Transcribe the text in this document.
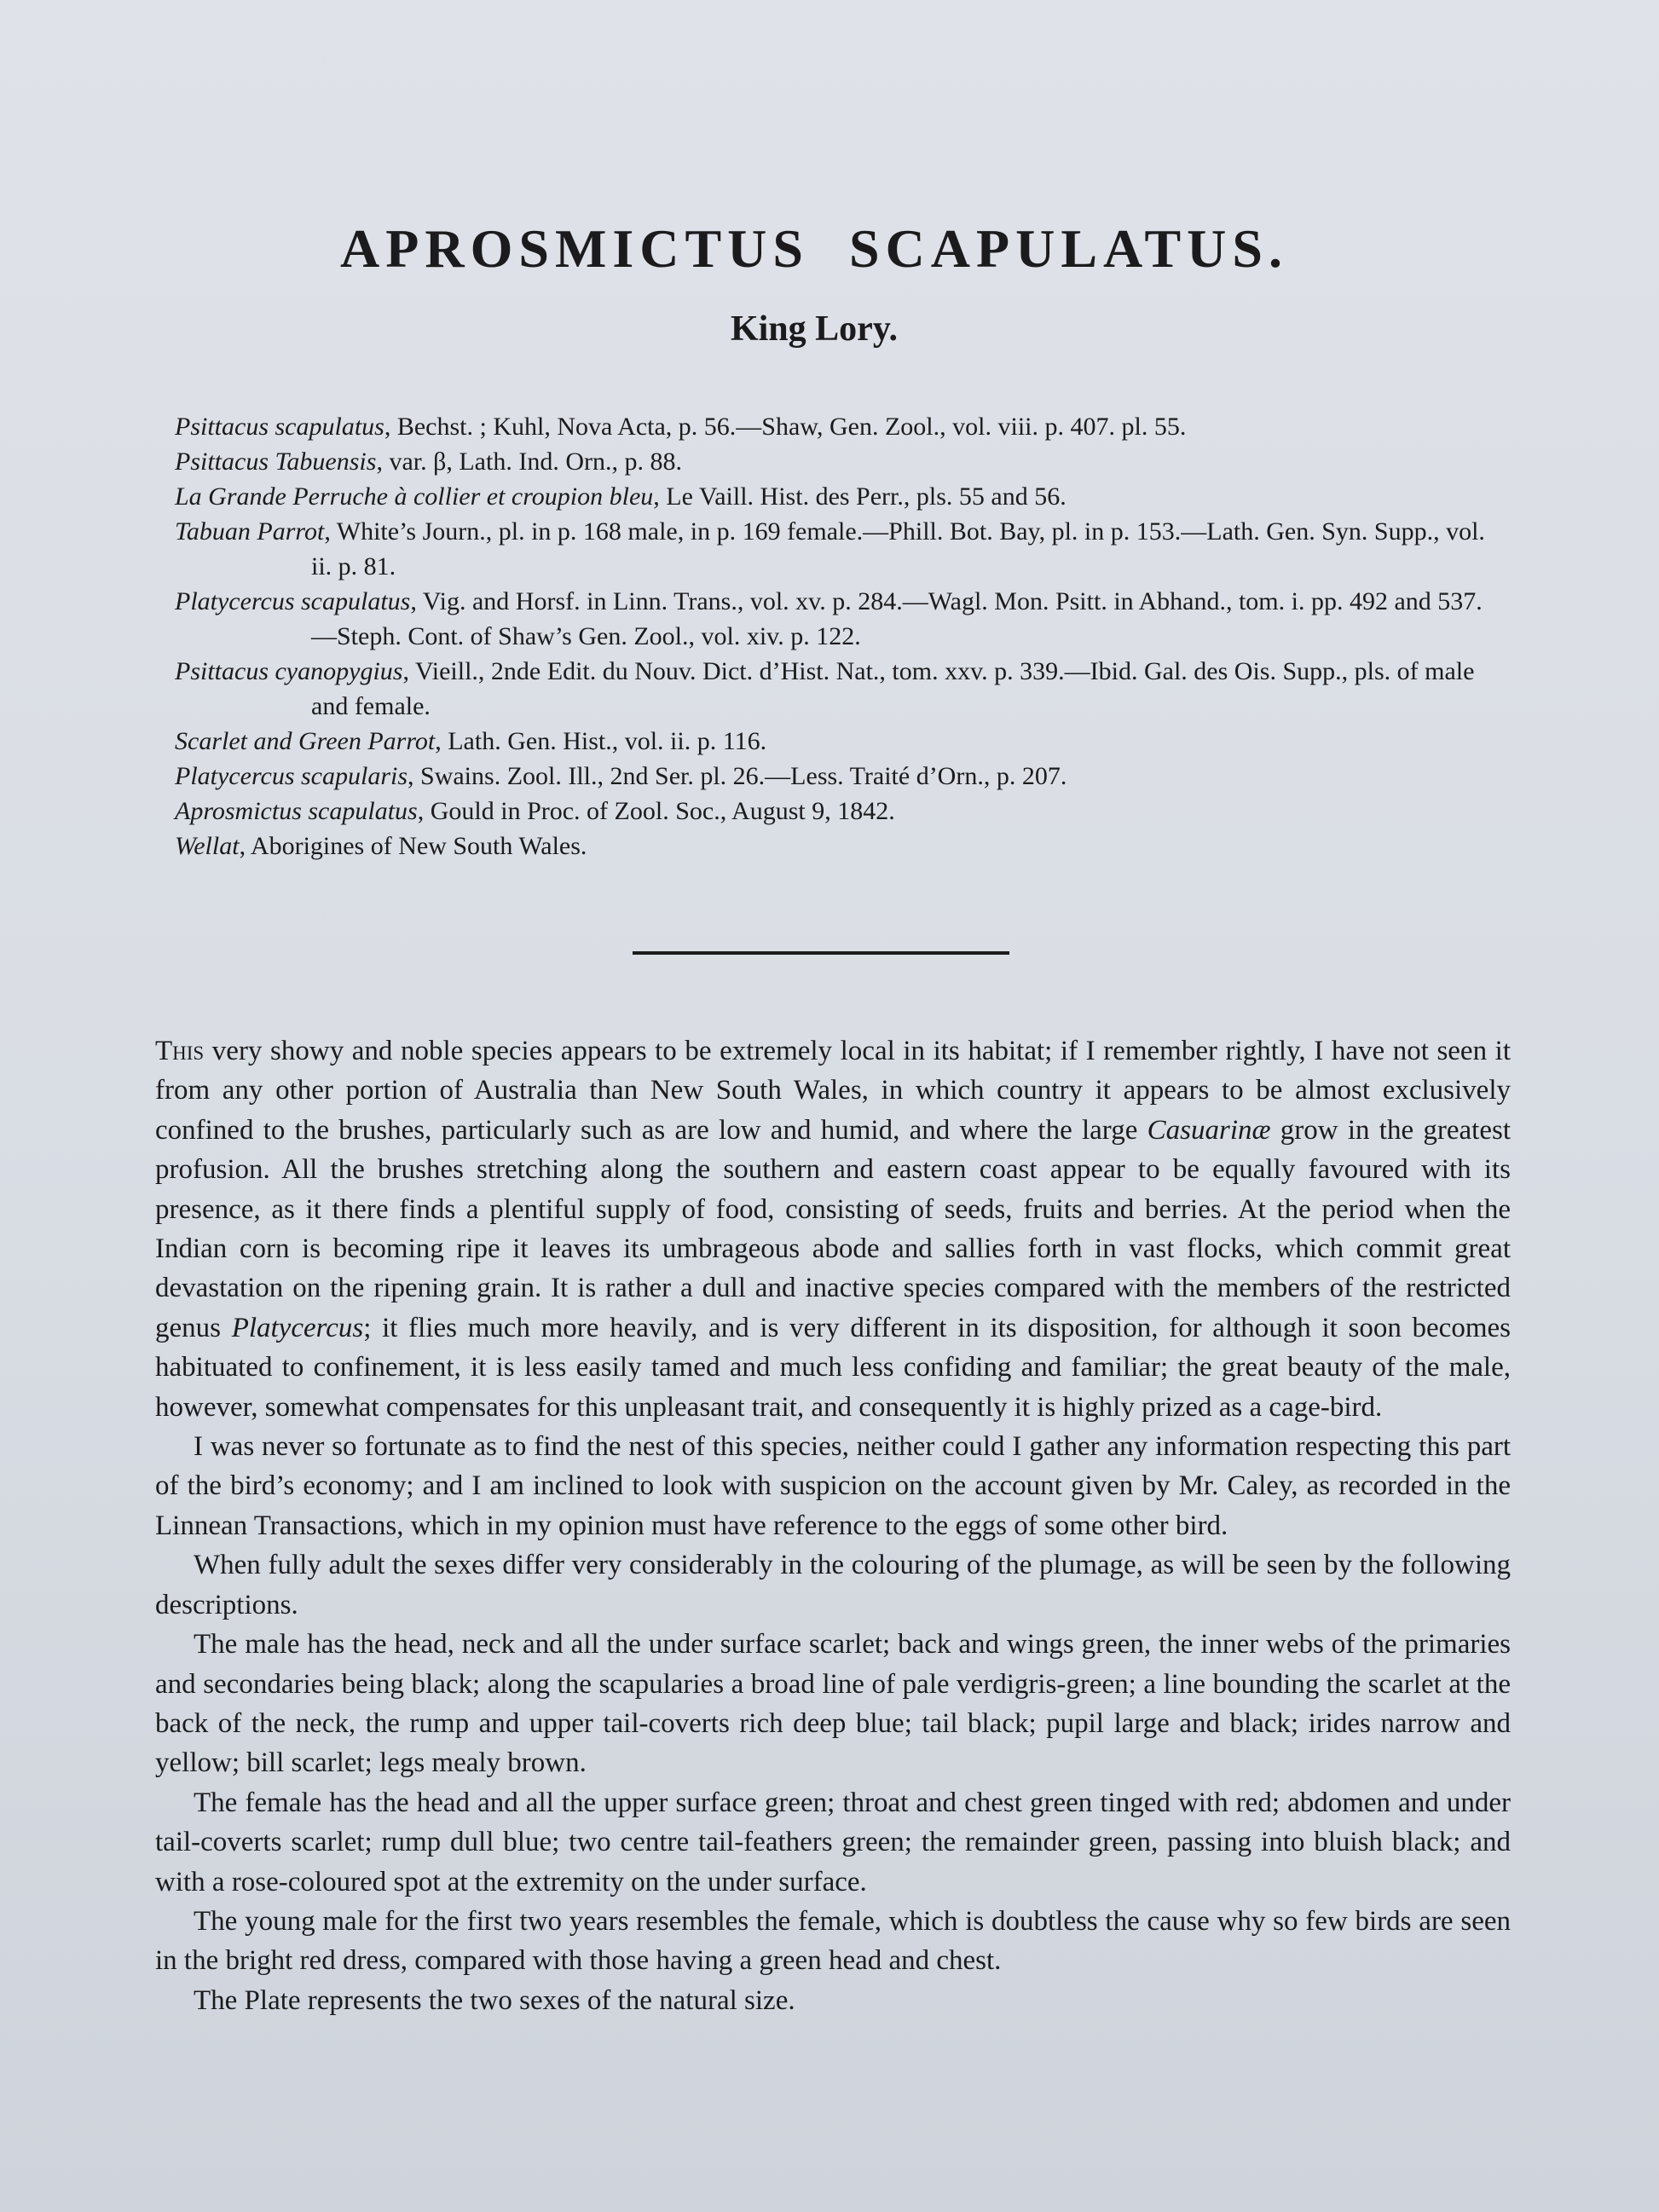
APROSMICTUS SCAPULATUS.
King Lory.
Psittacus scapulatus, Bechst. ; Kuhl, Nova Acta, p. 56.—Shaw, Gen. Zool., vol. viii. p. 407. pl. 55.
Psittacus Tabuensis, var. β, Lath. Ind. Orn., p. 88.
La Grande Perruche à collier et croupion bleu, Le Vaill. Hist. des Perr., pls. 55 and 56.
Tabuan Parrot, White’s Journ., pl. in p. 168 male, in p. 169 female.—Phill. Bot. Bay, pl. in p. 153.—Lath. Gen. Syn. Supp., vol. ii. p. 81.
Platycercus scapulatus, Vig. and Horsf. in Linn. Trans., vol. xv. p. 284.—Wagl. Mon. Psitt. in Abhand., tom. i. pp. 492 and 537.—Steph. Cont. of Shaw’s Gen. Zool., vol. xiv. p. 122.
Psittacus cyanopygius, Vieill., 2nde Edit. du Nouv. Dict. d’Hist. Nat., tom. xxv. p. 339.—Ibid. Gal. des Ois. Supp., pls. of male and female.
Scarlet and Green Parrot, Lath. Gen. Hist., vol. ii. p. 116.
Platycercus scapularis, Swains. Zool. Ill., 2nd Ser. pl. 26.—Less. Traité d’Orn., p. 207.
Aprosmictus scapulatus, Gould in Proc. of Zool. Soc., August 9, 1842.
Wellat, Aborigines of New South Wales.

This very showy and noble species appears to be extremely local in its habitat; if I remember rightly, I have not seen it from any other portion of Australia than New South Wales, in which country it appears to be almost exclusively confined to the brushes, particularly such as are low and humid, and where the large Casuarinæ grow in the greatest profusion. All the brushes stretching along the southern and eastern coast appear to be equally favoured with its presence, as it there finds a plentiful supply of food, consisting of seeds, fruits and berries. At the period when the Indian corn is becoming ripe it leaves its umbrageous abode and sallies forth in vast flocks, which commit great devastation on the ripening grain. It is rather a dull and inactive species compared with the members of the restricted genus Platycercus; it flies much more heavily, and is very different in its disposition, for although it soon becomes habituated to confinement, it is less easily tamed and much less confiding and familiar; the great beauty of the male, however, somewhat compensates for this unpleasant trait, and consequently it is highly prized as a cage-bird.

I was never so fortunate as to find the nest of this species, neither could I gather any information respecting this part of the bird’s economy; and I am inclined to look with suspicion on the account given by Mr. Caley, as recorded in the Linnean Transactions, which in my opinion must have reference to the eggs of some other bird.

When fully adult the sexes differ very considerably in the colouring of the plumage, as will be seen by the following descriptions.

The male has the head, neck and all the under surface scarlet; back and wings green, the inner webs of the primaries and secondaries being black; along the scapularies a broad line of pale verdigris-green; a line bounding the scarlet at the back of the neck, the rump and upper tail-coverts rich deep blue; tail black; pupil large and black; irides narrow and yellow; bill scarlet; legs mealy brown.

The female has the head and all the upper surface green; throat and chest green tinged with red; abdomen and under tail-coverts scarlet; rump dull blue; two centre tail-feathers green; the remainder green, passing into bluish black; and with a rose-coloured spot at the extremity on the under surface.

The young male for the first two years resembles the female, which is doubtless the cause why so few birds are seen in the bright red dress, compared with those having a green head and chest.

The Plate represents the two sexes of the natural size.
